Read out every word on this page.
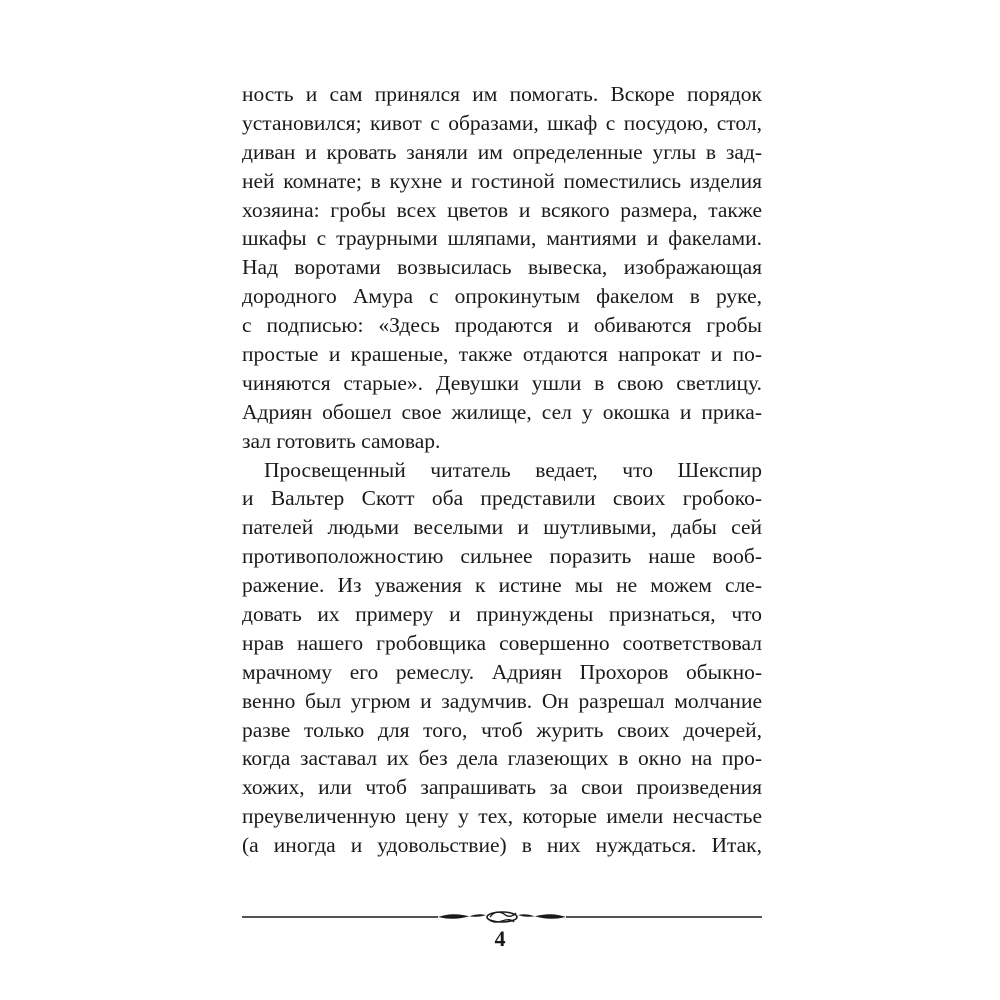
ность и сам принялся им помогать. Вскоре порядок
установился; кивот с образами, шкаф с посудою, стол,
диван и кровать заняли им определенные углы в зад-
ней комнате; в кухне и гостиной поместились изделия
хозяина: гробы всех цветов и всякого размера, также
шкафы с траурными шляпами, мантиями и факелами.
Над воротами возвысилась вывеска, изображающая
дородного Амура с опрокинутым факелом в руке,
с подписью: «Здесь продаются и обиваются гробы
простые и крашеные, также отдаются напрокат и по-
чиняются старые». Девушки ушли в свою светлицу.
Адриян обошел свое жилище, сел у окошка и прика-
зал готовить самовар.
Просвещенный читатель ведает, что Шекспир
и Вальтер Скотт оба представили своих гробоко-
пателей людьми веселыми и шутливыми, дабы сей
противоположностию сильнее поразить наше вооб-
ражение. Из уважения к истине мы не можем сле-
довать их примеру и принуждены признаться, что
нрав нашего гробовщика совершенно соответствовал
мрачному его ремеслу. Адриян Прохоров обыкно-
венно был угрюм и задумчив. Он разрешал молчание
разве только для того, чтоб журить своих дочерей,
когда заставал их без дела глазеющих в окно на про-
хожих, или чтоб запрашивать за свои произведения
преувеличенную цену у тех, которые имели несчастье
(а иногда и удовольствие) в них нуждаться. Итак,
4
